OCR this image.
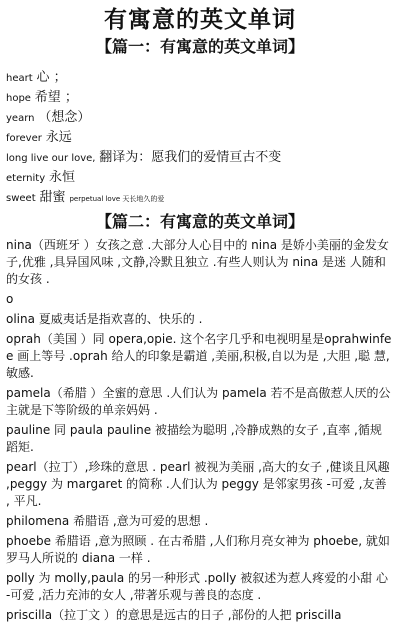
有寓意的英文单词
【篇一：有寓意的英文单词】

heart 心 ；

hope 希望 ；

yearn （想念）

forever 永远

long live our love, 翻译为：愿我们的爱情亘古不变

eternity 永恒

sweet 甜蜜 perpetual love 天长地久的爱

【篇二：有寓意的英文单词】

nina（西班牙 ）女孩之意 .大部分人心目中的 nina 是娇小美丽的金发女子,优雅 ,具异国风味 ,文静,冷默且独立 .有些人则认为 nina 是迷 人随和的女孩 .

o

olina 夏威夷话是指欢喜的、快乐的 .

oprah（美国 ）同 opera,opie. 这个名字几乎和电视明星是oprahwinfee 画上等号 .oprah 给人的印象是霸道 ,美丽,积极,自以为是 ,大胆 ,聪 慧,敏感.

pamela（希腊 ）全蜜的意思 .人们认为 pamela 若不是高傲惹人厌的公 主就是下等阶级的单亲妈妈 .

pauline 同 paula pauline 被描绘为聪明 ,冷静成熟的女子 ,直率 ,循规 蹈矩.

pearl（拉丁）,珍珠的意思 . pearl 被视为美丽 ,高大的女子 ,健谈且风趣 ,peggy 为 margaret 的简称 .人们认为 peggy 是邻家男孩 -可爱 ,友善 , 平凡.

philomena 希腊语 ,意为可爱的思想 .

phoebe 希腊语 ,意为照顾 . 在古希腊 ,人们称月亮女神为 phoebe, 就如 罗马人所说的 diana 一样 .

polly 为 molly,paula 的另一种形式 .polly 被叙述为惹人疼爱的小甜 心 -可爱 ,活力充沛的女人 ,带著乐观与善良的态度 .

priscilla（拉丁文 ）的意思是远古的日子 ,部份的人把 priscilla
